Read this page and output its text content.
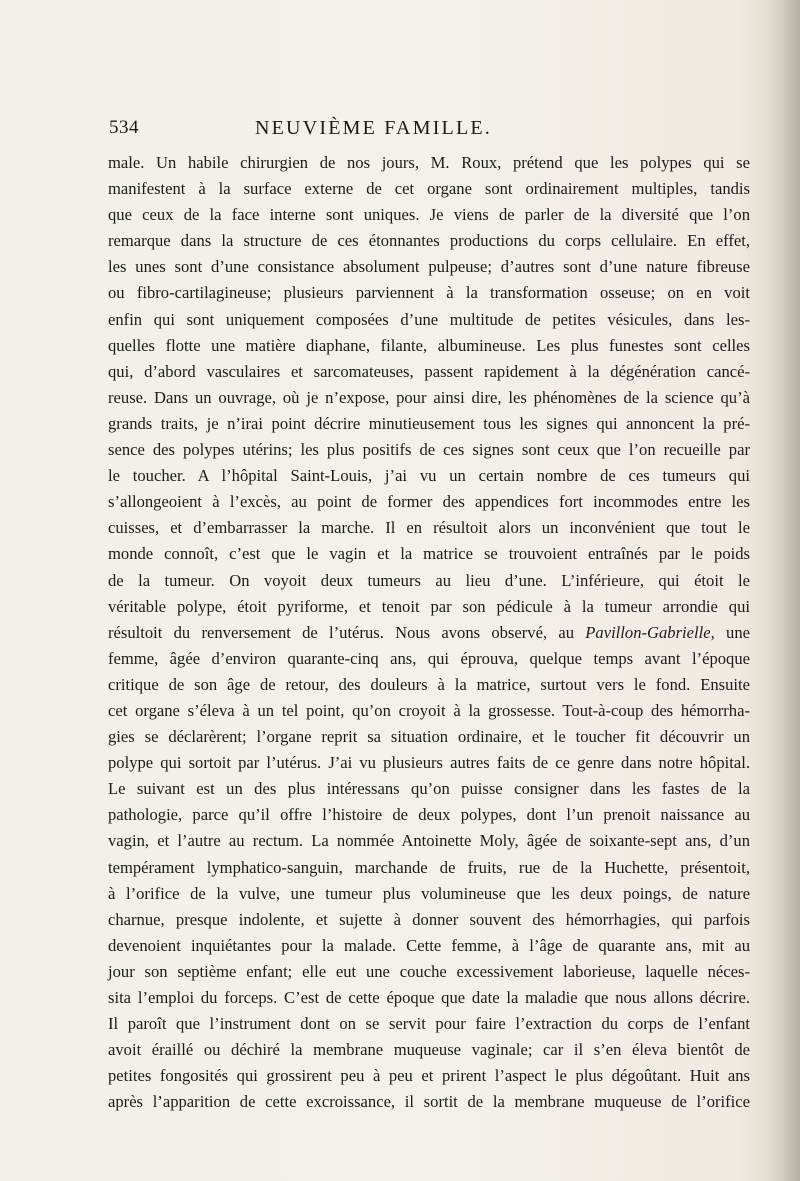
534	NEUVIÈME FAMILLE.
male. Un habile chirurgien de nos jours, M. Roux, prétend que les polypes qui se
manifestent à la surface externe de cet organe sont ordinairement multiples, tandis
que ceux de la face interne sont uniques. Je viens de parler de la diversité que l’on
remarque dans la structure de ces étonnantes productions du corps cellulaire. En effet,
les unes sont d’une consistance absolument pulpeuse; d’autres sont d’une nature fibreuse
ou fibro-cartilagineuse; plusieurs parviennent à la transformation osseuse; on en voit
enfin qui sont uniquement composées d’une multitude de petites vésicules, dans les-
quelles flotte une matière diaphane, filante, albumineuse. Les plus funestes sont celles
qui, d’abord vasculaires et sarcomateuses, passent rapidement à la dégénération cancé-
reuse. Dans un ouvrage, où je n’expose, pour ainsi dire, les phénomènes de la science qu’à
grands traits, je n’irai point décrire minutieusement tous les signes qui annoncent la pré-
sence des polypes utérins; les plus positifs de ces signes sont ceux que l’on recueille par
le toucher. A l’hôpital Saint-Louis, j’ai vu un certain nombre de ces tumeurs qui
s’allongeoient à l’excès, au point de former des appendices fort incommodes entre les
cuisses, et d’embarrasser la marche. Il en résultoit alors un inconvénient que tout le
monde connoît, c’est que le vagin et la matrice se trouvoient entraînés par le poids
de la tumeur. On voyoit deux tumeurs au lieu d’une. L’inférieure, qui étoit le
véritable polype, étoit pyriforme, et tenoit par son pédicule à la tumeur arrondie qui
résultoit du renversement de l’utérus. Nous avons observé, au Pavillon-Gabrielle, une
femme, âgée d’environ quarante-cinq ans, qui éprouva, quelque temps avant l’époque
critique de son âge de retour, des douleurs à la matrice, surtout vers le fond. Ensuite
cet organe s’éleva à un tel point, qu’on croyoit à la grossesse. Tout-à-coup des hémorrha-
gies se déclarèrent; l’organe reprit sa situation ordinaire, et le toucher fit découvrir un
polype qui sortoit par l’utérus. J’ai vu plusieurs autres faits de ce genre dans notre hôpital.
Le suivant est un des plus intéressans qu’on puisse consigner dans les fastes de la
pathologie, parce qu’il offre l’histoire de deux polypes, dont l’un prenoit naissance au
vagin, et l’autre au rectum. La nommée Antoinette Moly, âgée de soixante-sept ans, d’un
tempérament lymphatico-sanguin, marchande de fruits, rue de la Huchette, présentoit,
à l’orifice de la vulve, une tumeur plus volumineuse que les deux poings, de nature
charnue, presque indolente, et sujette à donner souvent des hémorrhagies, qui parfois
devenoient inquiétantes pour la malade. Cette femme, à l’âge de quarante ans, mit au
jour son septième enfant; elle eut une couche excessivement laborieuse, laquelle néces-
sita l’emploi du forceps. C’est de cette époque que date la maladie que nous allons décrire.
Il paroît que l’instrument dont on se servit pour faire l’extraction du corps de l’enfant
avoit éraillé ou déchiré la membrane muqueuse vaginale; car il s’en éleva bientôt de
petites fongosités qui grossirent peu à peu et prirent l’aspect le plus dégoûtant. Huit ans
après l’apparition de cette excroissance, il sortit de la membrane muqueuse de l’orifice
